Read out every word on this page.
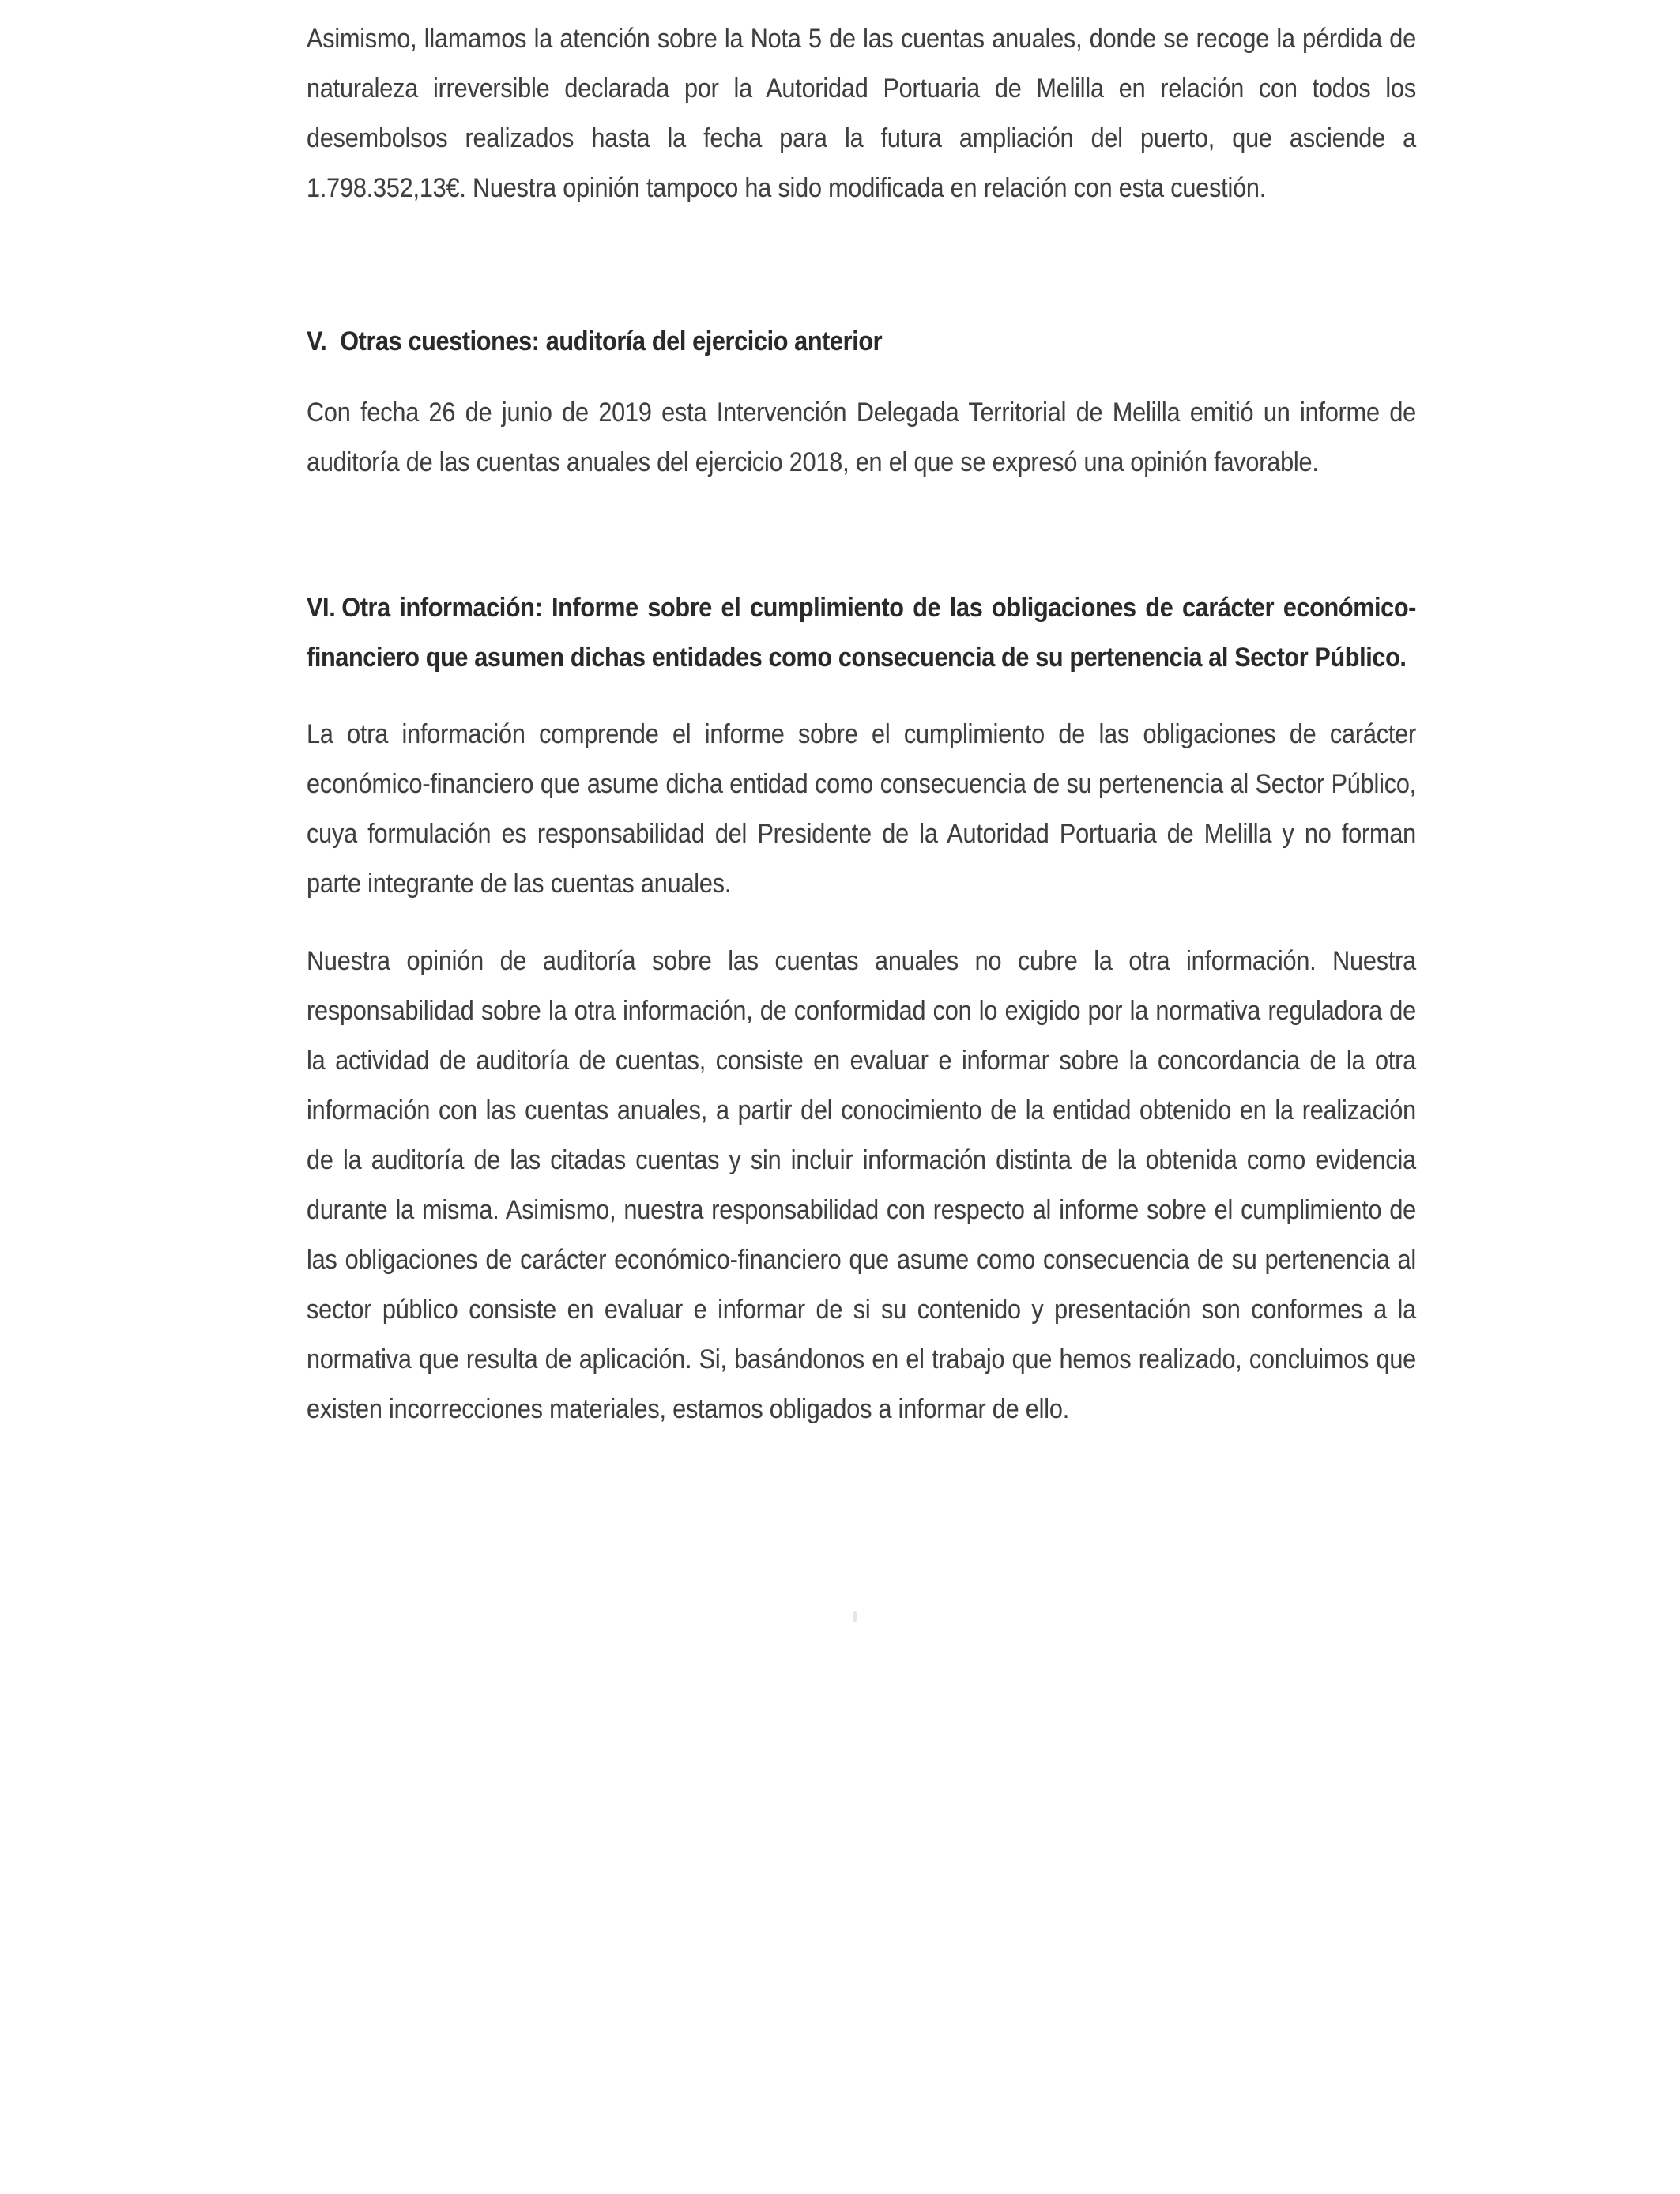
Asimismo, llamamos la atención sobre la Nota 5 de las cuentas anuales, donde se recoge la pérdida de naturaleza irreversible declarada por la Autoridad Portuaria de Melilla en relación con todos los desembolsos realizados hasta la fecha para la futura ampliación del puerto, que asciende a 1.798.352,13€. Nuestra opinión tampoco ha sido modificada en relación con esta cuestión.

V. Otras cuestiones: auditoría del ejercicio anterior

Con fecha 26 de junio de 2019 esta Intervención Delegada Territorial de Melilla emitió un informe de auditoría de las cuentas anuales del ejercicio 2018, en el que se expresó una opinión favorable.

VI. Otra información: Informe sobre el cumplimiento de las obligaciones de carácter económico-financiero que asumen dichas entidades como consecuencia de su pertenencia al Sector Público.

La otra información comprende el informe sobre el cumplimiento de las obligaciones de carácter económico-financiero que asume dicha entidad como consecuencia de su pertenencia al Sector Público, cuya formulación es responsabilidad del Presidente de la Autoridad Portuaria de Melilla y no forman parte integrante de las cuentas anuales.

Nuestra opinión de auditoría sobre las cuentas anuales no cubre la otra información. Nuestra responsabilidad sobre la otra información, de conformidad con lo exigido por la normativa reguladora de la actividad de auditoría de cuentas, consiste en evaluar e informar sobre la concordancia de la otra información con las cuentas anuales, a partir del conocimiento de la entidad obtenido en la realización de la auditoría de las citadas cuentas y sin incluir información distinta de la obtenida como evidencia durante la misma. Asimismo, nuestra responsabilidad con respecto al informe sobre el cumplimiento de las obligaciones de carácter económico-financiero que asume como consecuencia de su pertenencia al sector público consiste en evaluar e informar de si su contenido y presentación son conformes a la normativa que resulta de aplicación. Si, basándonos en el trabajo que hemos realizado, concluimos que existen incorrecciones materiales, estamos obligados a informar de ello.
